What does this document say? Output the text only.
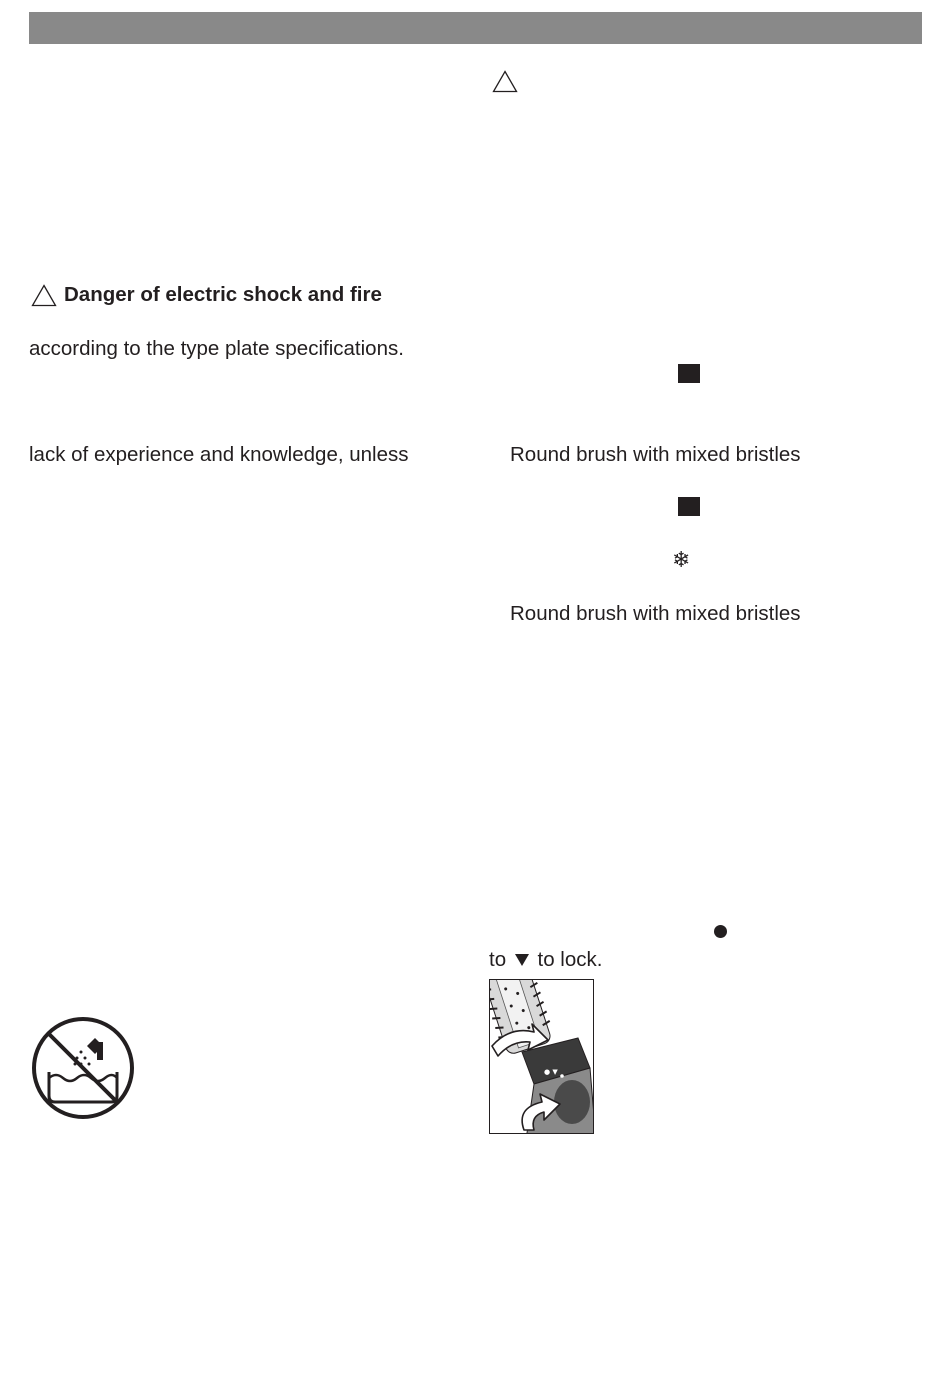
Danger of electric shock and fire
according to the type plate specifications.
lack of experience and knowledge, unless	Round brush with mixed bristles
❄
Round brush with mixed bristles
to to lock.
● ▼
